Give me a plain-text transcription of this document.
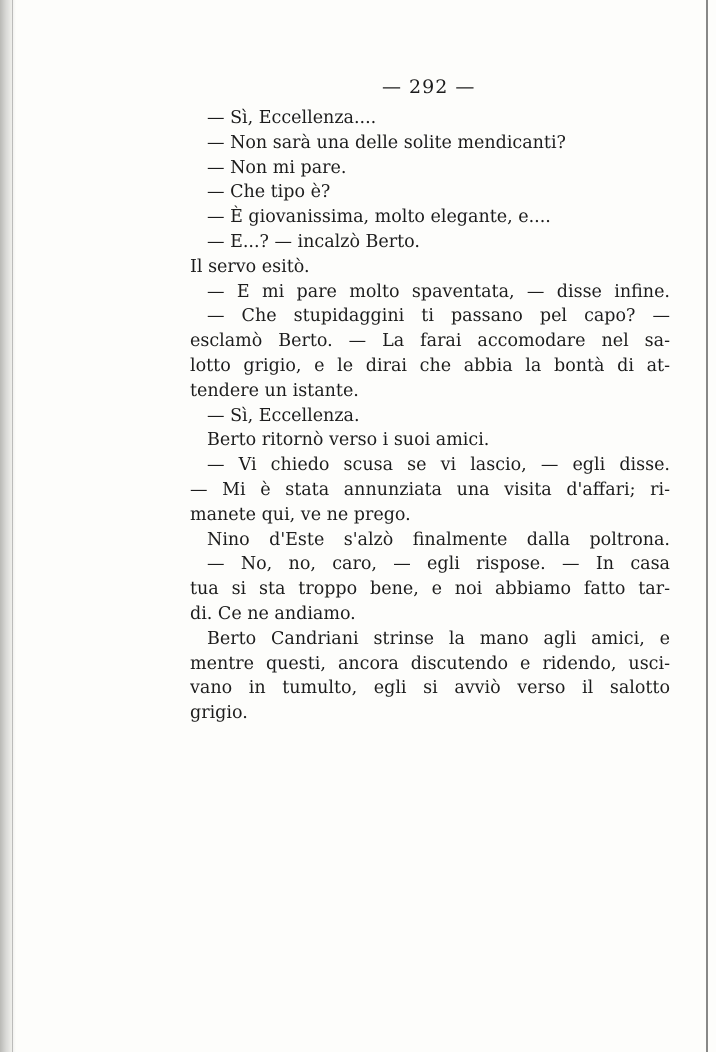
— 292 —
— Sì, Eccellenza....
— Non sarà una delle solite mendicanti?
— Non mi pare.
— Che tipo è?
— È giovanissima, molto elegante, e....
— E...? — incalzò Berto.
Il servo esitò.
— E mi pare molto spaventata, — disse infine.
— Che stupidaggini ti passano pel capo? —
esclamò Berto. — La farai accomodare nel sa-
lotto grigio, e le dirai che abbia la bontà di at-
tendere un istante.
— Sì, Eccellenza.
Berto ritornò verso i suoi amici.
— Vi chiedo scusa se vi lascio, — egli disse.
— Mi è stata annunziata una visita d'affari; ri-
manete qui, ve ne prego.
Nino d'Este s'alzò finalmente dalla poltrona.
— No, no, caro, — egli rispose. — In casa
tua si sta troppo bene, e noi abbiamo fatto tar-
di. Ce ne andiamo.
Berto Candriani strinse la mano agli amici, e
mentre questi, ancora discutendo e ridendo, usci-
vano in tumulto, egli si avviò verso il salotto
grigio.
